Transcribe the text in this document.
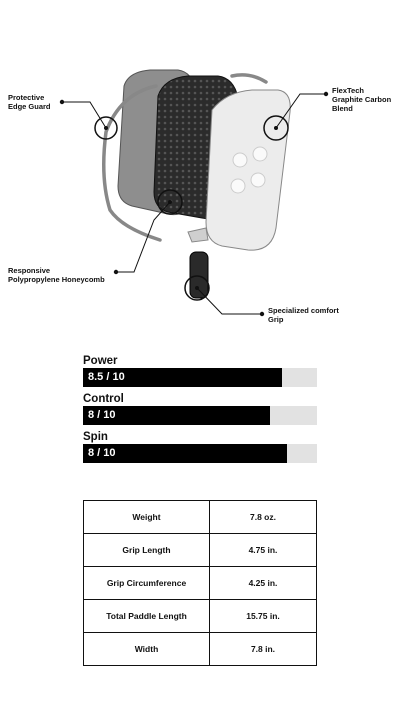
Protective
Edge Guard
FlexTech
Graphite Carbon
Blend
Responsive
Polypropylene Honeycomb
Specialized comfort
Grip
Power
8.5 / 10
Control
8 / 10
Spin
8 / 10
Weight	7.8 oz.
Grip Length	4.75 in.
Grip Circumference	4.25 in.
Total Paddle Length	15.75 in.
Width	7.8 in.
